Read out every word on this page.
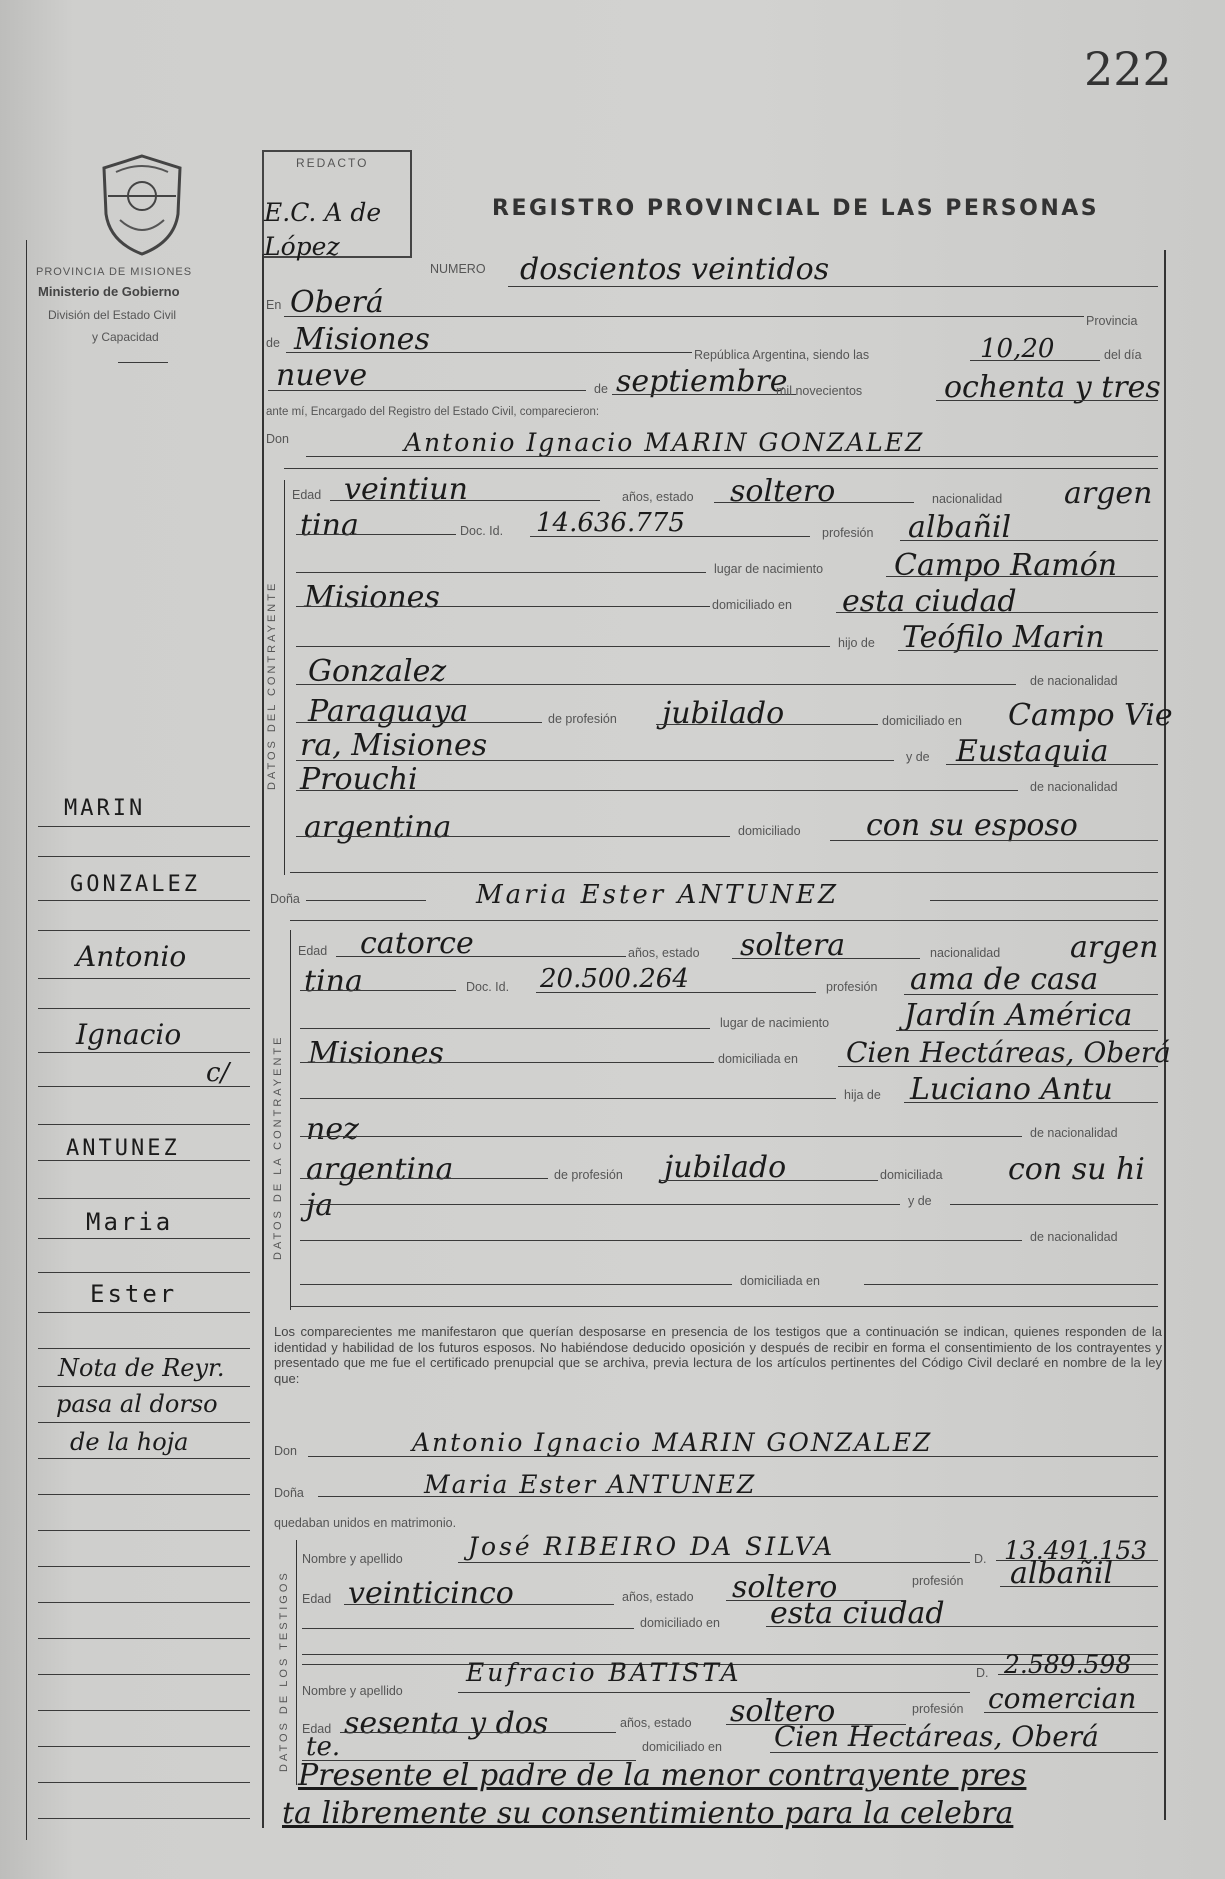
222
PROVINCIA DE MISIONES
Ministerio de Gobierno
División del Estado Civil
y Capacidad
REDACTO
E.C. A de López
REGISTRO PROVINCIAL DE LAS PERSONAS
DATOS DEL CONTRAYENTE
DATOS DE LA CONTRAYENTE
DATOS DE LOS TESTIGOS
NUMERO doscientos veintidos
En Oberá
Provincia
de Misiones	República Argentina, siendo las	10,20	del día
nueve	de septiembre
mil novecientos	ochenta y tres
ante mí, Encargado del Registro del Estado Civil, comparecieron:
Don	Antonio Ignacio MARIN GONZALEZ
Edad veintiun	años, estado soltero	nacionalidad argen
tina	Doc. Id. 14.636.775	profesión albañil
lugar de nacimiento Campo Ramón
Misiones	domiciliado en esta ciudad
hijo de Teófilo Marin
Gonzalez	de nacionalidad
Paraguaya	de profesión jubilado	domiciliado en Campo Vie
ra, Misiones	y de Eustaquia
Prouchi	de nacionalidad
argentina	domiciliado con su esposo
Doña	Maria Ester ANTUNEZ
Edad catorce	años, estado soltera	nacionalidad argen
tina	Doc. Id. 20.500.264	profesión ama de casa
lugar de nacimiento Jardín América
Misiones	domiciliada en Cien Hectáreas, Oberá
hija de Luciano Antu
nez	de nacionalidad
argentina	de profesión jubilado	domiciliada con su hi
ja	y de
de nacionalidad
domiciliada en
Los comparecientes me manifestaron que querían desposarse en presencia de los testigos que a continuación se indican, quienes responden de la identidad y habilidad de los futuros esposos. No habiéndose deducido oposición y después de recibir en forma el consentimiento de los contrayentes y presentado que me fue el certificado prenupcial que se archiva, previa lectura de los artículos pertinentes del Código Civil declaré en nombre de la ley que:
Don	Antonio Ignacio MARIN GONZALEZ
Doña	Maria Ester ANTUNEZ
quedaban unidos en matrimonio.
Nombre y apellido	José RIBEIRO DA SILVA	D. 13.491.153
Edad veinticinco	años, estado soltero	profesión albañil
domiciliado en esta ciudad
Nombre y apellido
Eufracio BATISTA	D. 2.589.598
Edad sesenta y dos	años, estado soltero	profesión comercian
te.	domiciliado en Cien Hectáreas, Oberá
Presente el padre de la menor contrayente pres
ta libremente su consentimiento para la celebra
MARIN
GONZALEZ
Antonio
Ignacio
c/
ANTUNEZ
Maria
Ester
Nota de Reyr.
pasa al dorso
de la hoja
